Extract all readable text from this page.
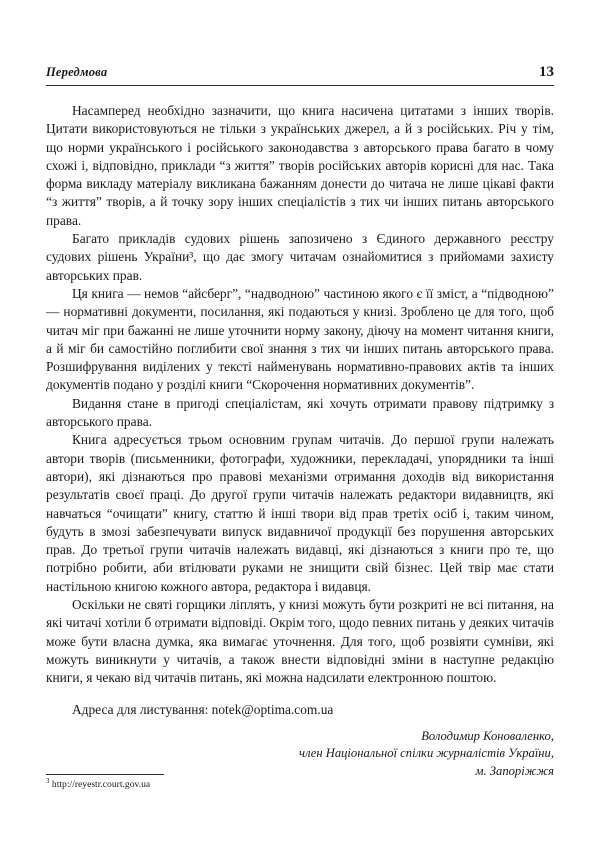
Передмова	13

Насамперед необхідно зазначити, що книга насичена цитатами з інших творів. Цитати використовуються не тільки з українських джерел, а й з російських. Річ у тім, що норми українського і російського законодавства з авторського права багато в чому схожі і, відповідно, приклади “з життя” творів російських авторів корисні для нас. Така форма викладу матеріалу викликана бажанням донести до читача не лише цікаві факти “з життя” творів, а й точку зору інших спеціалістів з тих чи інших питань авторського права.

Багато прикладів судових рішень запозичено з Єдиного державного реєстру судових рішень України³, що дає змогу читачам ознайомитися з прийомами захисту авторських прав.

Ця книга — немов “айсберг”, “надводною” частиною якого є її зміст, а “підводною” — нормативні документи, посилання, які подаються у книзі. Зроблено це для того, щоб читач міг при бажанні не лише уточнити норму закону, діючу на момент читання книги, а й міг би самостійно поглибити свої знання з тих чи інших питань авторського права. Розшифрування виділених у тексті найменувань нормативно-правових актів та інших документів подано у розділі книги “Скорочення нормативних документів”.

Видання стане в пригоді спеціалістам, які хочуть отримати правову підтримку з авторського права.

Книга адресується трьом основним групам читачів. До першої групи належать автори творів (письменники, фотографи, художники, перекладачі, упорядники та інші автори), які дізнаються про правові механізми отримання доходів від використання результатів своєї праці. До другої групи читачів належать редактори видавництв, які навчаться “очищати” книгу, статтю й інші твори від прав третіх осіб і, таким чином, будуть в змозі забезпечувати випуск видавничої продукції без порушення авторських прав. До третьої групи читачів належать видавці, які дізнаються з книги про те, що потрібно робити, аби втілювати руками не знищити свій бізнес. Цей твір має стати настільною книгою кожного автора, редактора і видавця.

Оскільки не святі горщики ліплять, у книзі можуть бути розкриті не всі питання, на які читачі хотіли б отримати відповіді. Окрім того, щодо певних питань у деяких читачів може бути власна думка, яка вимагає уточнення. Для того, щоб розвіяти сумніви, які можуть виникнути у читачів, а також внести відповідні зміни в наступне редакцію книги, я чекаю від читачів питань, які можна надсилати електронною поштою.

Адреса для листування: notek@optima.com.ua
Володимир Коноваленко,
член Національної спілки журналістів України,
м. Запоріжжя
$^3$ http://reyestr.court.gov.ua
